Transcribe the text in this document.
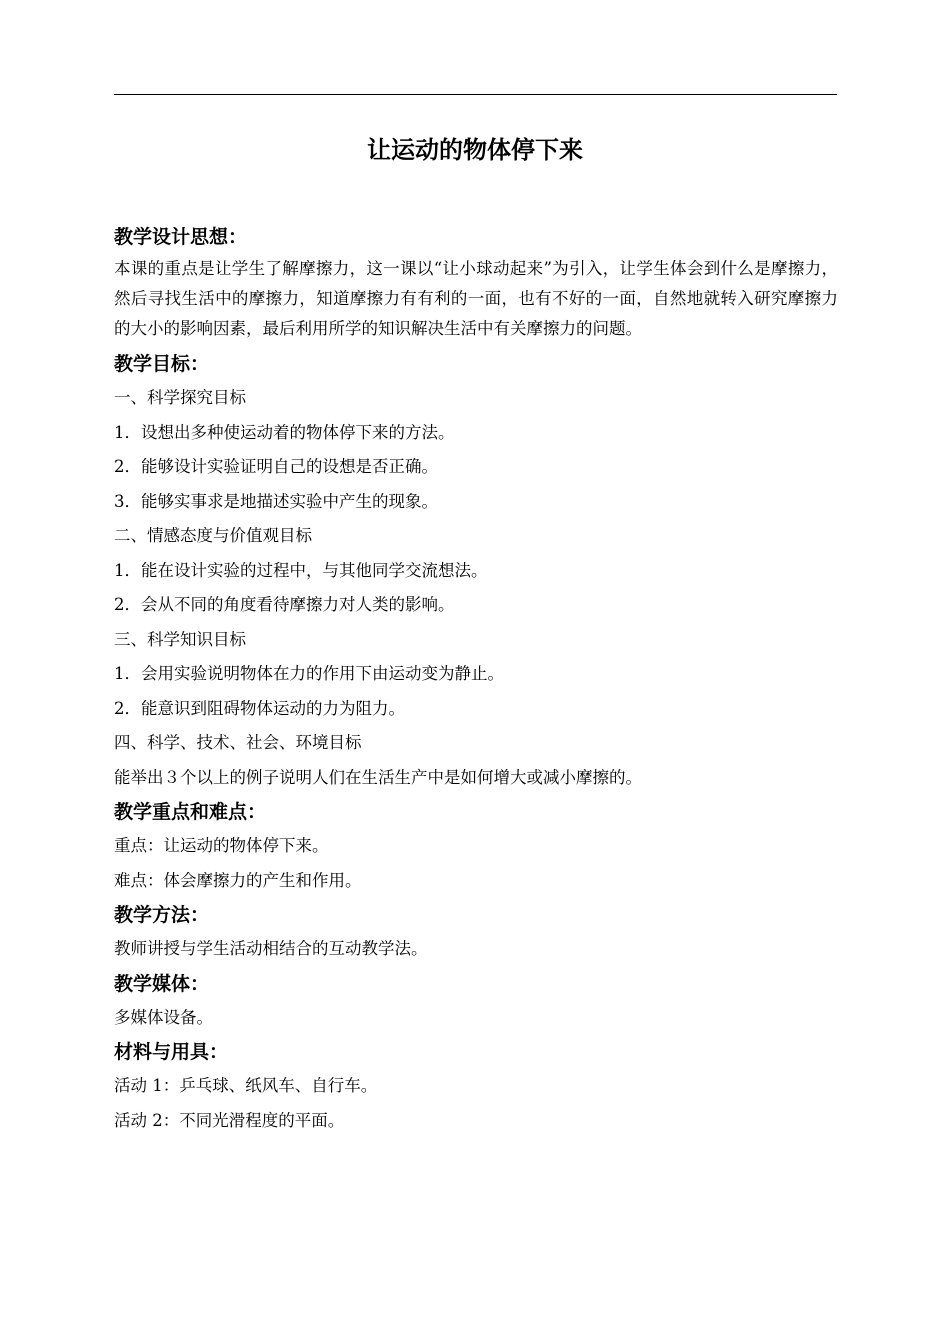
让运动的物体停下来
教学设计思想：
本课的重点是让学生了解摩擦力，这一课以“让小球动起来”为引入，让学生体会到什么是摩擦力，然后寻找生活中的摩擦力，知道摩擦力有有利的一面，也有不好的一面，自然地就转入研究摩擦力的大小的影响因素，最后利用所学的知识解决生活中有关摩擦力的问题。
教学目标：
一、科学探究目标
1．设想出多种使运动着的物体停下来的方法。
2．能够设计实验证明自己的设想是否正确。
3．能够实事求是地描述实验中产生的现象。
二、情感态度与价值观目标
1．能在设计实验的过程中，与其他同学交流想法。
2．会从不同的角度看待摩擦力对人类的影响。
三、科学知识目标
1．会用实验说明物体在力的作用下由运动变为静止。
2．能意识到阻碍物体运动的力为阻力。
四、科学、技术、社会、环境目标
能举出３个以上的例子说明人们在生活生产中是如何增大或减小摩擦的。
教学重点和难点：
重点：让运动的物体停下来。
难点：体会摩擦力的产生和作用。
教学方法：
教师讲授与学生活动相结合的互动教学法。
教学媒体：
多媒体设备。
材料与用具：
活动 1：乒乓球、纸风车、自行车。
活动 2：不同光滑程度的平面。
